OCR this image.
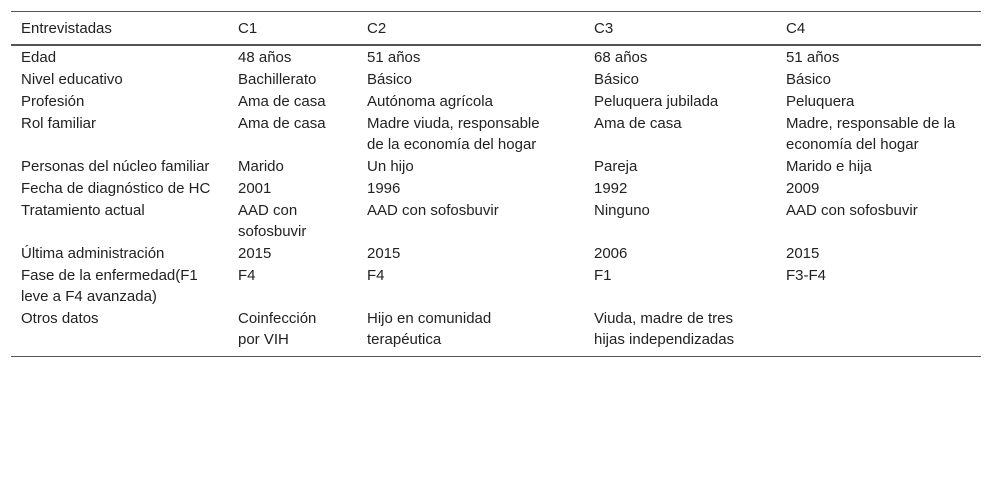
Entrevistadas	C1	C2	C3	C4
Edad	48 años	51 años	68 años	51 años
Nivel educativo	Bachillerato	Básico	Básico	Básico
Profesión	Ama de casa	Autónoma agrícola	Peluquera jubilada	Peluquera
Rol familiar	Ama de casa	Madre viuda, responsable de la economía del hogar	Ama de casa	Madre, responsable de la economía del hogar
Personas del núcleo familiar	Marido	Un hijo	Pareja	Marido e hija
Fecha de diagnóstico de HC	2001	1996	1992	2009
Tratamiento actual	AAD con sofosbuvir	AAD con sofosbuvir	Ninguno	AAD con sofosbuvir
Última administración	2015	2015	2006	2015
Fase de la enfermedad(F1 leve a F4 avanzada)	F4	F4	F1	F3-F4
Otros datos	Coinfección por VIH	Hijo en comunidad terapéutica	Viuda, madre de tres hijas independizadas	
